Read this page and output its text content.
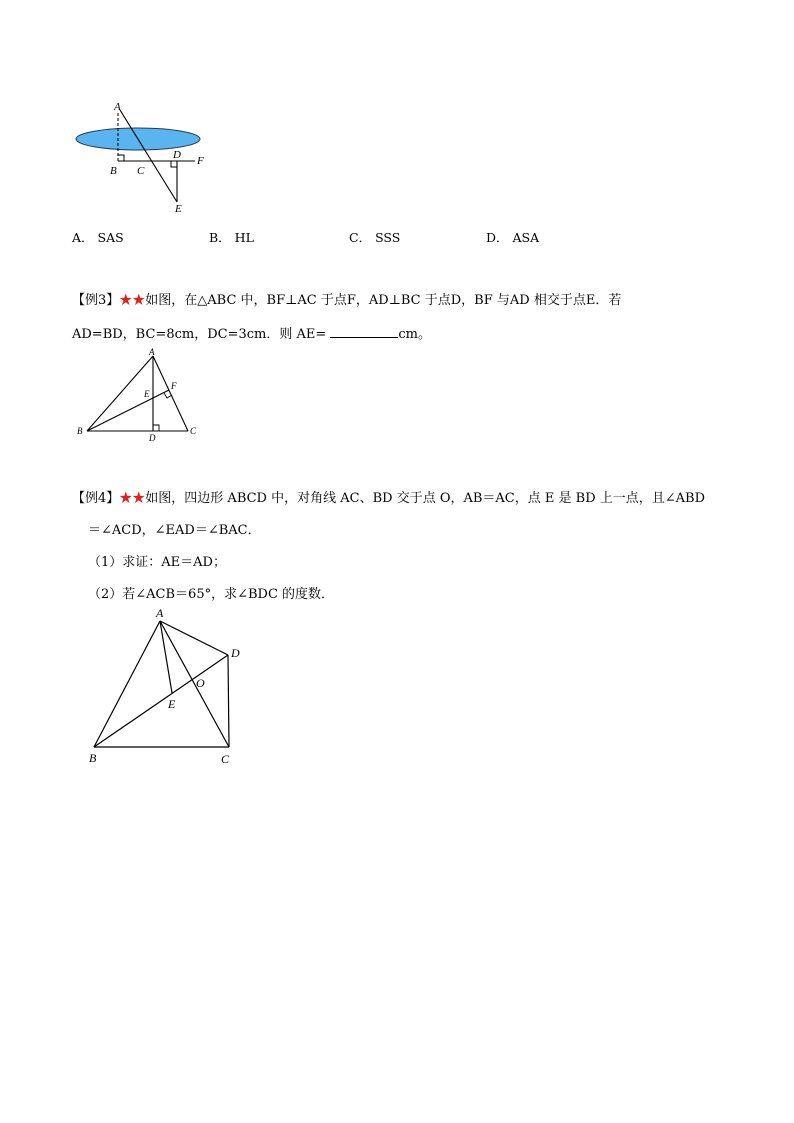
A
B C
D F
E
A． SAS	B． HL	C． SSS	D． ASA
【例3】★★如图，在△ABC 中，BF⊥AC 于点F，AD⊥BC 于点D，BF 与AD 相交于点E．若
AD=BD，BC=8cm，DC=3cm．则 AE=	cm。
A
B	C
D
E
F
【例4】★★如图，四边形 ABCD 中，对角线 AC、BD 交于点 O，AB＝AC，点 E 是 BD 上一点，且∠ABD
＝∠ACD，∠EAD＝∠BAC．
（1）求证：AE＝AD；
（2）若∠ACB＝65°，求∠BDC 的度数．
A
D
O
E
B	C
